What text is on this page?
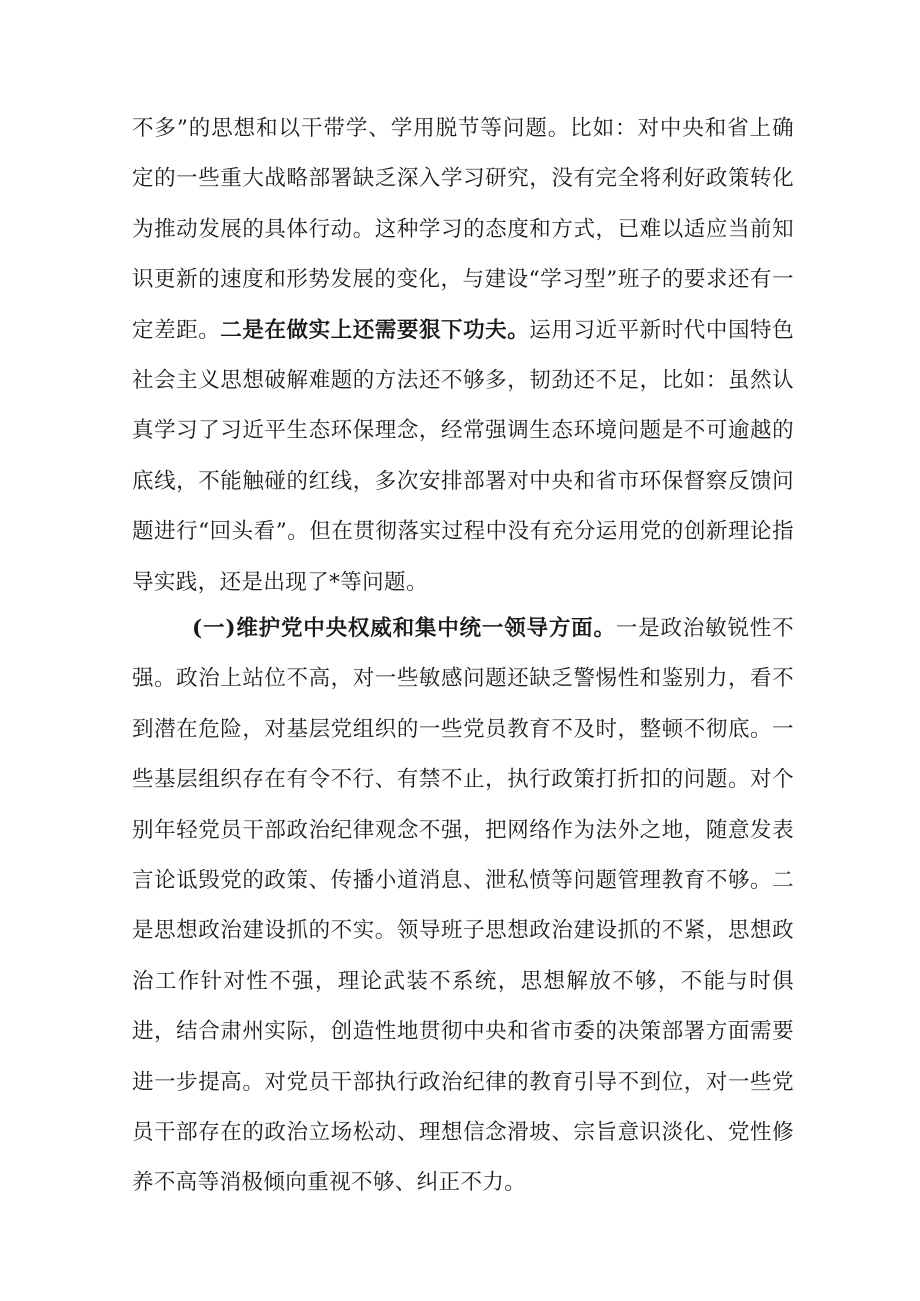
不多”的思想和以干带学、学用脱节等问题。比如：对中央和省上确定的一些重大战略部署缺乏深入学习研究，没有完全将利好政策转化为推动发展的具体行动。这种学习的态度和方式，已难以适应当前知识更新的速度和形势发展的变化，与建设“学习型”班子的要求还有一定差距。二是在做实上还需要狠下功夫。运用习近平新时代中国特色社会主义思想破解难题的方法还不够多，韧劲还不足，比如：虽然认真学习了习近平生态环保理念，经常强调生态环境问题是不可逾越的底线，不能触碰的红线，多次安排部署对中央和省市环保督察反馈问题进行“回头看”。但在贯彻落实过程中没有充分运用党的创新理论指导实践，还是出现了*等问题。

(一)维护党中央权威和集中统一领导方面。一是政治敏锐性不强。政治上站位不高，对一些敏感问题还缺乏警惕性和鉴别力，看不到潜在危险，对基层党组织的一些党员教育不及时，整顿不彻底。一些基层组织存在有令不行、有禁不止，执行政策打折扣的问题。对个别年轻党员干部政治纪律观念不强，把网络作为法外之地，随意发表言论诋毁党的政策、传播小道消息、泄私愤等问题管理教育不够。二是思想政治建设抓的不实。领导班子思想政治建设抓的不紧，思想政治工作针对性不强，理论武装不系统，思想解放不够，不能与时俱进，结合肃州实际，创造性地贯彻中央和省市委的决策部署方面需要进一步提高。对党员干部执行政治纪律的教育引导不到位，对一些党员干部存在的政治立场松动、理想信念滑坡、宗旨意识淡化、党性修养不高等消极倾向重视不够、纠正不力。
